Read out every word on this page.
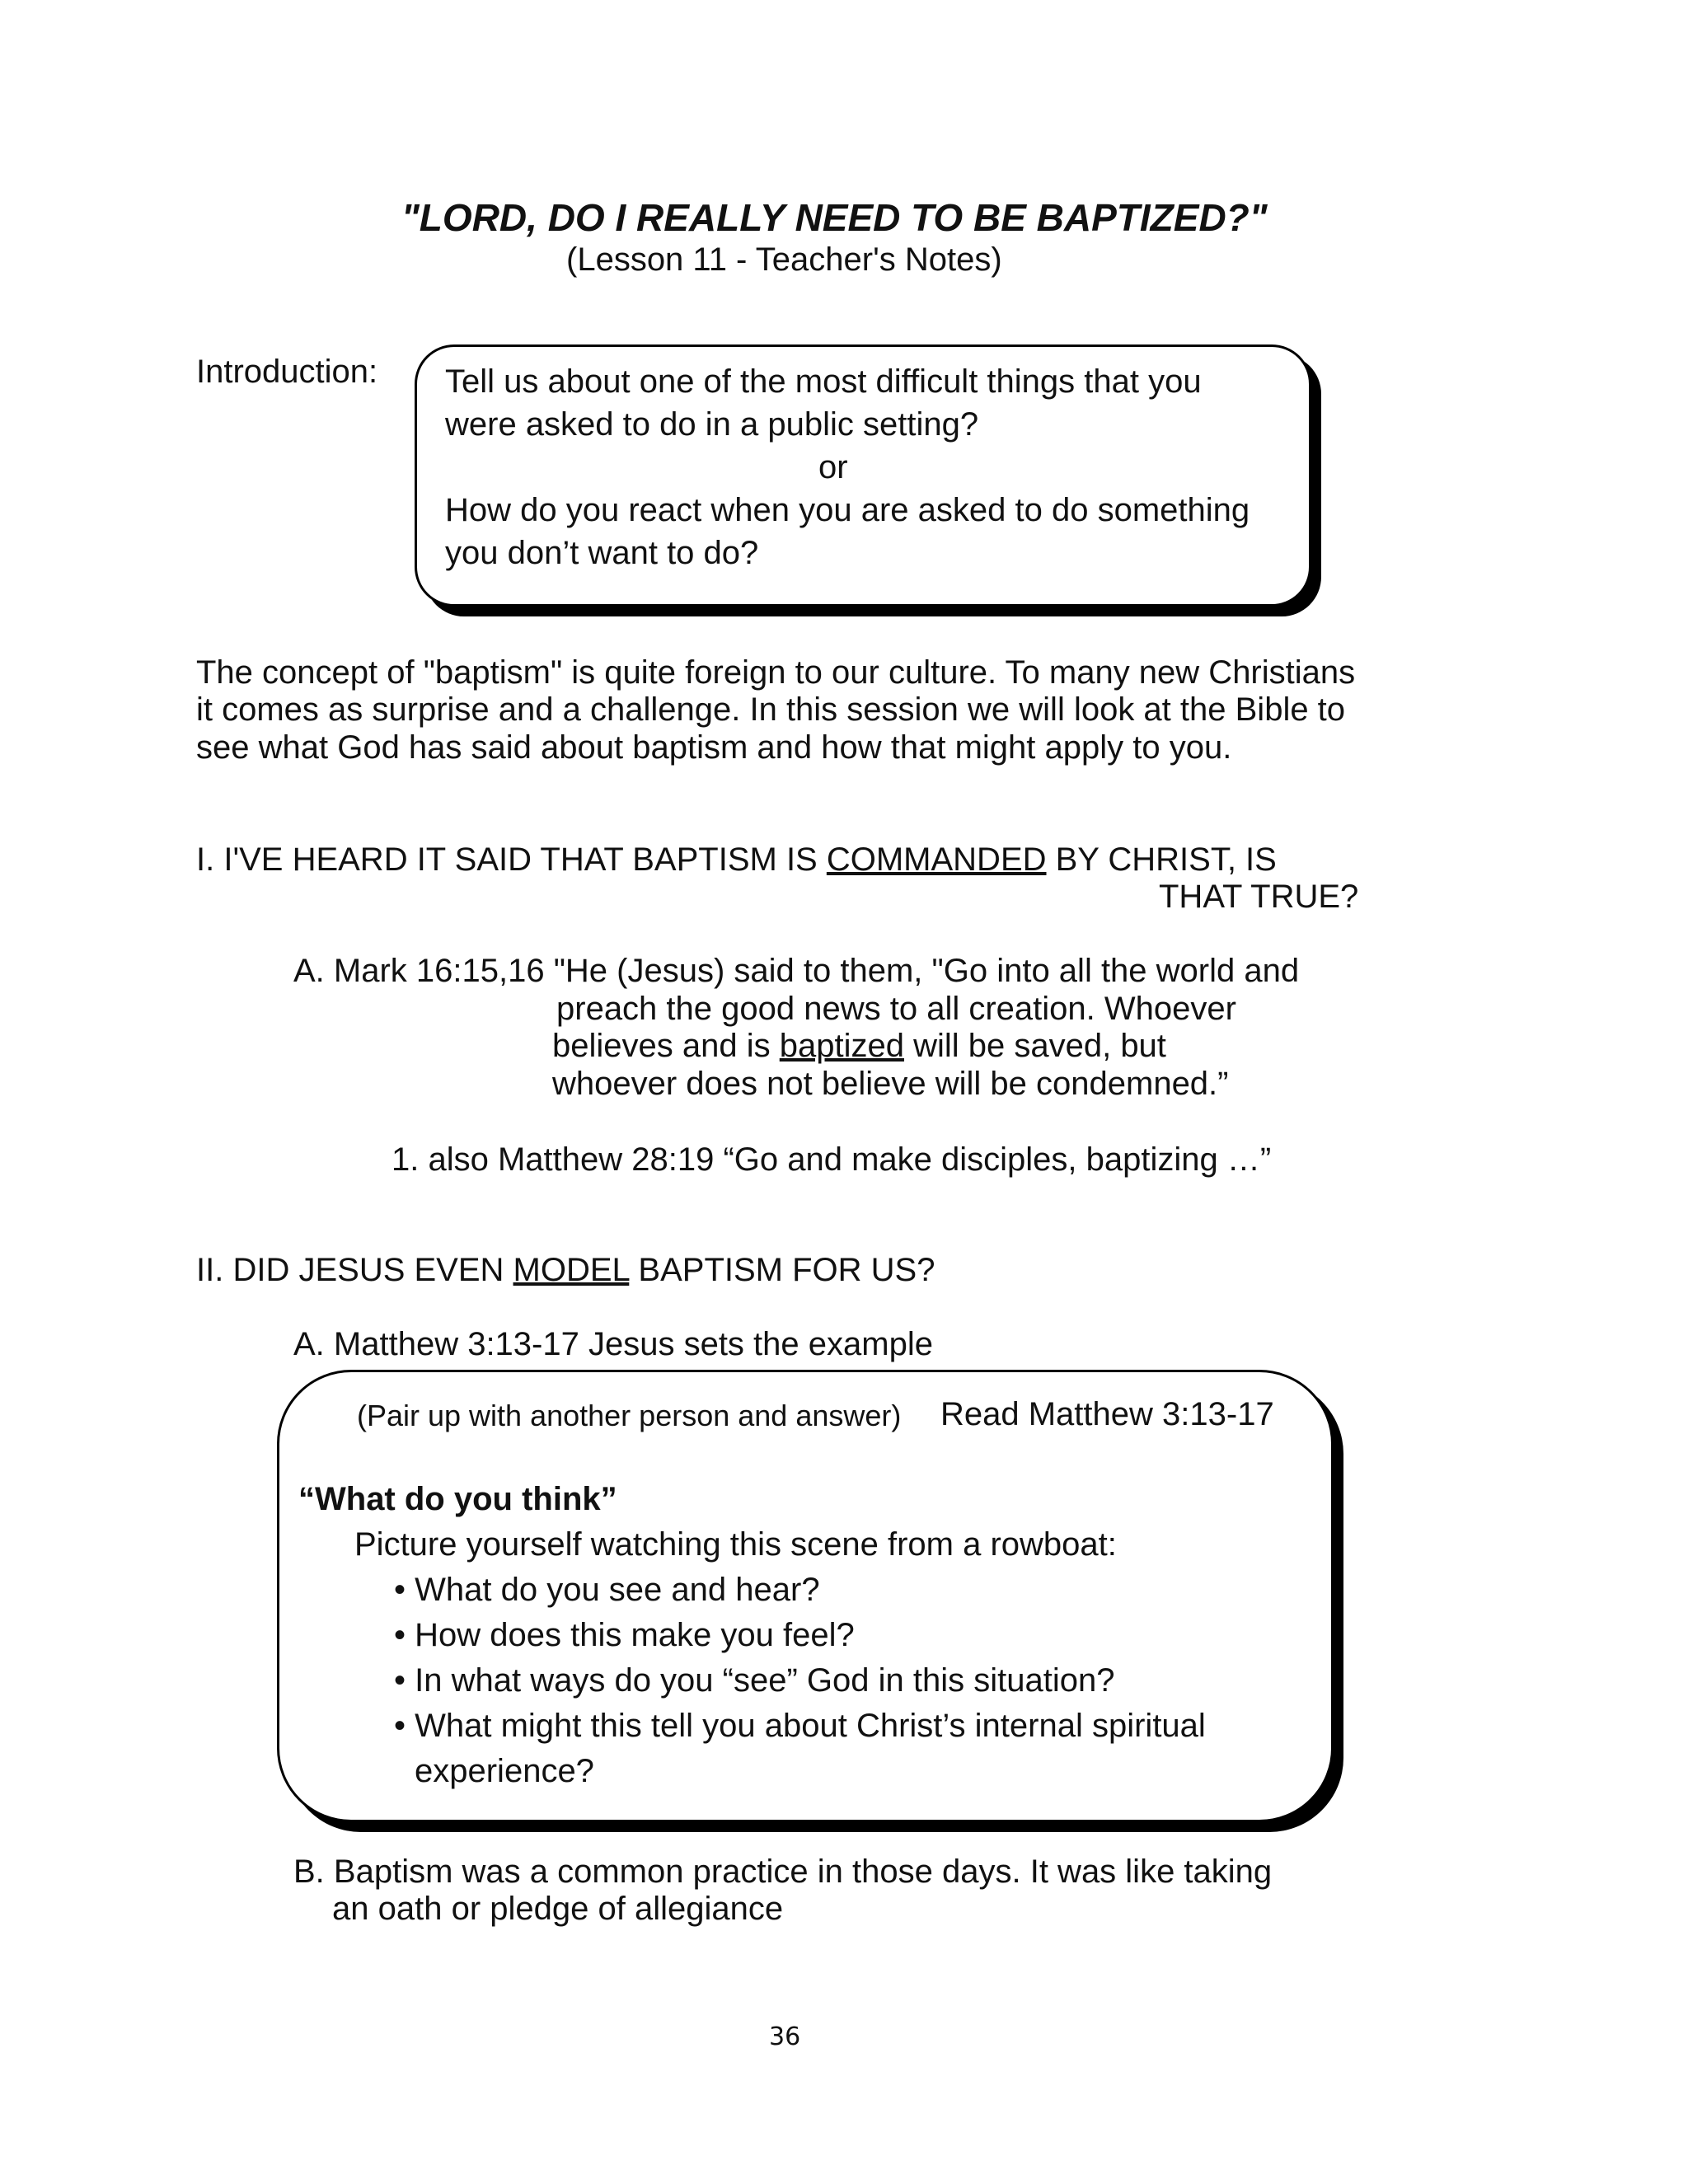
"LORD, DO I REALLY NEED TO BE BAPTIZED?"
(Lesson 11 - Teacher's Notes)
Introduction: Tell us about one of the most difficult things that you
were asked to do in a public setting?
or
How do you react when you are asked to do something
you don’t want to do?
The concept of "baptism" is quite foreign to our culture. To many new Christians
it comes as surprise and a challenge. In this session we will look at the Bible to
see what God has said about baptism and how that might apply to you.
I. I'VE HEARD IT SAID THAT BAPTISM IS COMMANDED BY CHRIST, IS
THAT TRUE?
A. Mark 16:15,16 "He (Jesus) said to them, "Go into all the world and
preach the good news to all creation. Whoever
believes and is baptized will be saved, but
whoever does not believe will be condemned.”
1. also Matthew 28:19 “Go and make disciples, baptizing …”
II. DID JESUS EVEN MODEL BAPTISM FOR US?
A. Matthew 3:13-17 Jesus sets the example
(Pair up with another person and answer) Read Matthew 3:13-17
“What do you think”
Picture yourself watching this scene from a rowboat:
• What do you see and hear?
• How does this make you feel?
• In what ways do you “see” God in this situation?
• What might this tell you about Christ’s internal spiritual
experience?
B. Baptism was a common practice in those days. It was like taking
an oath or pledge of allegiance
36
